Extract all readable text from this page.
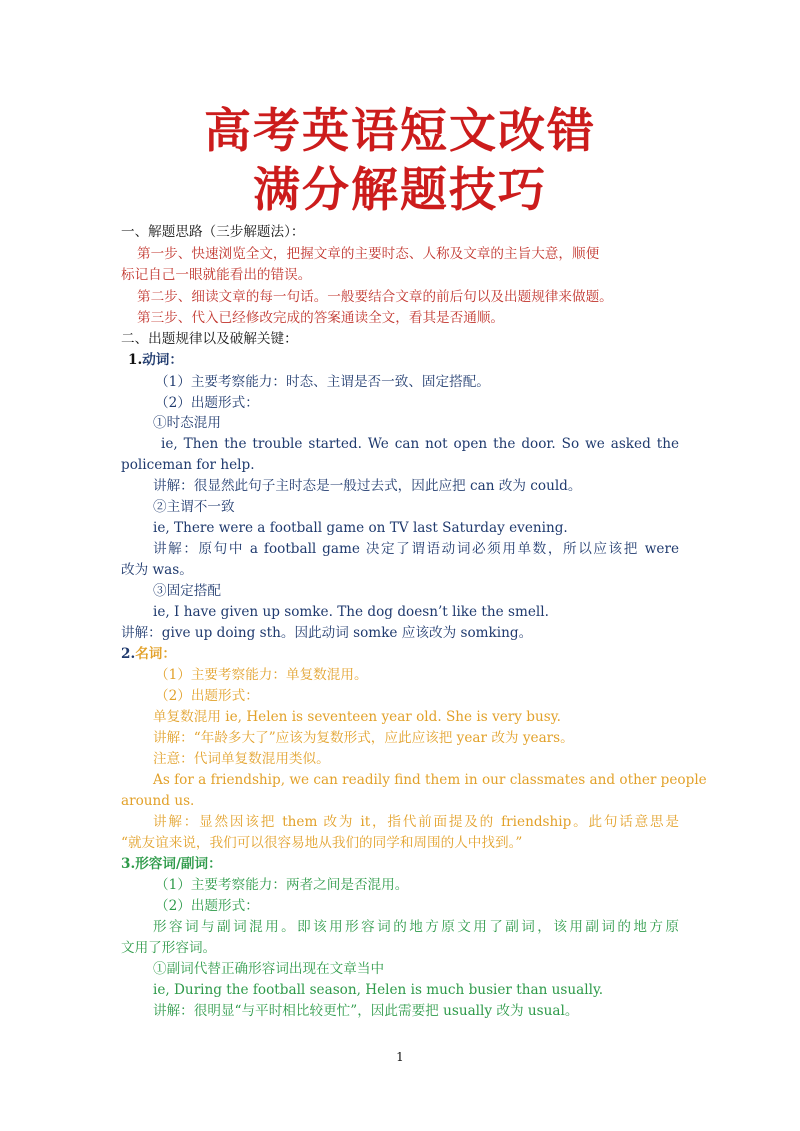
高考英语短文改错
满分解题技巧

一、解题思路（三步解题法）：

第一步、快速浏览全文，把握文章的主要时态、人称及文章的主旨大意，顺便

标记自己一眼就能看出的错误。

第二步、细读文章的每一句话。一般要结合文章的前后句以及出题规律来做题。

第三步、代入已经修改完成的答案通读全文，看其是否通顺。

二、出题规律以及破解关键：

1.动词：

（1）主要考察能力：时态、主谓是否一致、固定搭配。

（2）出题形式：

①时态混用

ie, Then the trouble started. We can not open the door. So we asked the

policeman for help.

讲解：很显然此句子主时态是一般过去式，因此应把 can 改为 could。

②主谓不一致

ie, There were a football game on TV last Saturday evening.

讲解：原句中 a football game 决定了谓语动词必须用单数，所以应该把 were

改为 was。

③固定搭配

ie, I have given up somke. The dog doesn’t like the smell.

讲解：give up doing sth。因此动词 somke 应该改为 somking。

2.名词：

（1）主要考察能力：单复数混用。

（2）出题形式：

单复数混用 ie, Helen is seventeen year old. She is very busy.

讲解：“年龄多大了”应该为复数形式，应此应该把 year 改为 years。

注意：代词单复数混用类似。

As for a friendship, we can readily find them in our classmates and other people

around us.

讲解：显然因该把 them 改为 it，指代前面提及的 friendship。此句话意思是

“就友谊来说，我们可以很容易地从我们的同学和周围的人中找到。”

3.形容词/副词：

（1）主要考察能力：两者之间是否混用。

（2）出题形式：

形容词与副词混用。即该用形容词的地方原文用了副词，该用副词的地方原

文用了形容词。

①副词代替正确形容词出现在文章当中

ie, During the football season, Helen is much busier than usually.

讲解：很明显“与平时相比较更忙”，因此需要把 usually 改为 usual。

1
